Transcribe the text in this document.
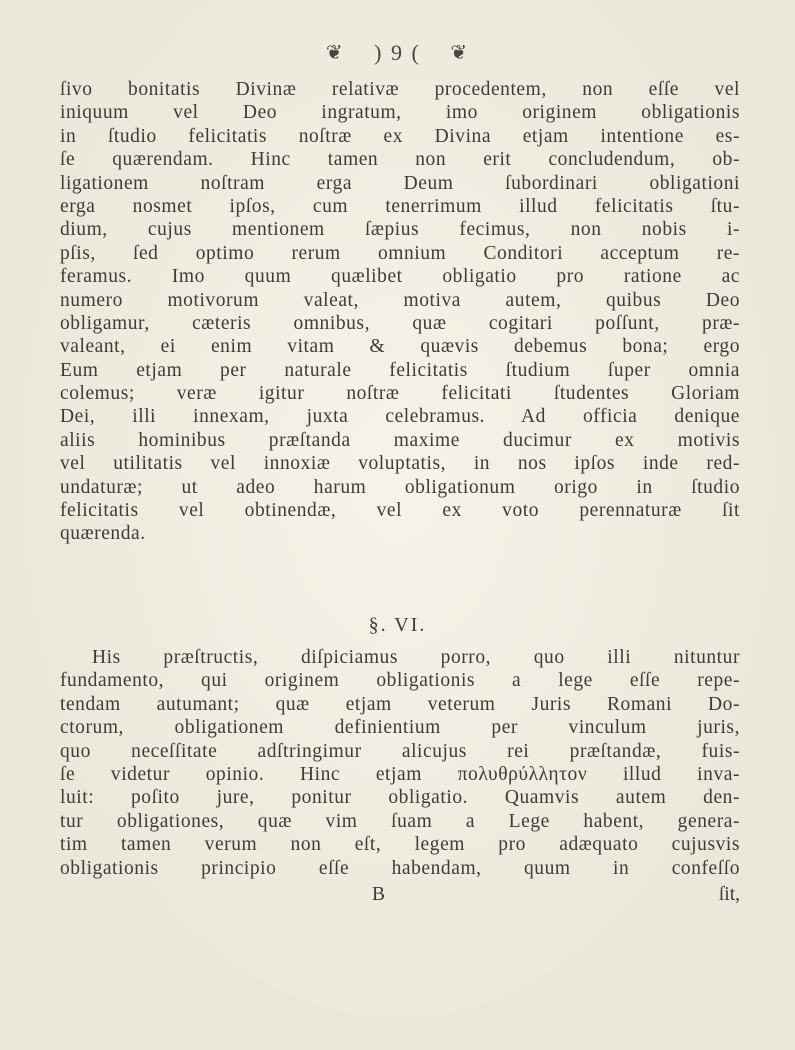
❦ ) 9 ( ❦
ſivo bonitatis Divinæ relativæ procedentem, non eſſe vel
iniquum vel Deo ingratum, imo originem obligationis
in ſtudio felicitatis noſtræ ex Divina etjam intentione es-
ſe quærendam. Hinc tamen non erit concludendum, ob-
ligationem noſtram erga Deum ſubordinari obligationi
erga nosmet ipſos, cum tenerrimum illud felicitatis ſtu-
dium, cujus mentionem ſæpius fecimus, non nobis i-
pſis, ſed optimo rerum omnium Conditori acceptum re-
feramus. Imo quum quælibet obligatio pro ratione ac
numero motivorum valeat, motiva autem, quibus Deo
obligamur, cæteris omnibus, quæ cogitari poſſunt, præ-
valeant, ei enim vitam & quævis debemus bona; ergo
Eum etjam per naturale felicitatis ſtudium ſuper omnia
colemus; veræ igitur noſtræ felicitati ſtudentes Gloriam
Dei, illi innexam, juxta celebramus. Ad officia denique
aliis hominibus præſtanda maxime ducimur ex motivis
vel utilitatis vel innoxiæ voluptatis, in nos ipſos inde red-
undaturæ; ut adeo harum obligationum origo in ſtudio
felicitatis vel obtinendæ, vel ex voto perennaturæ ſit
quærenda.
§. VI.
His præſtructis, diſpiciamus porro, quo illi nituntur
fundamento, qui originem obligationis a lege eſſe repe-
tendam autumant; quæ etjam veterum Juris Romani Do-
ctorum, obligationem definientium per vinculum juris,
quo neceſſitate adſtringimur alicujus rei præſtandæ, fuis-
ſe videtur opinio. Hinc etjam πολυθρύλλητον illud inva-
luit: poſito jure, ponitur obligatio. Quamvis autem den-
tur obligationes, quæ vim ſuam a Lege habent, genera-
tim tamen verum non eſt, legem pro adæquato cujusvis
obligationis principio eſſe habendam, quum in confeſſo
B	ſit,
